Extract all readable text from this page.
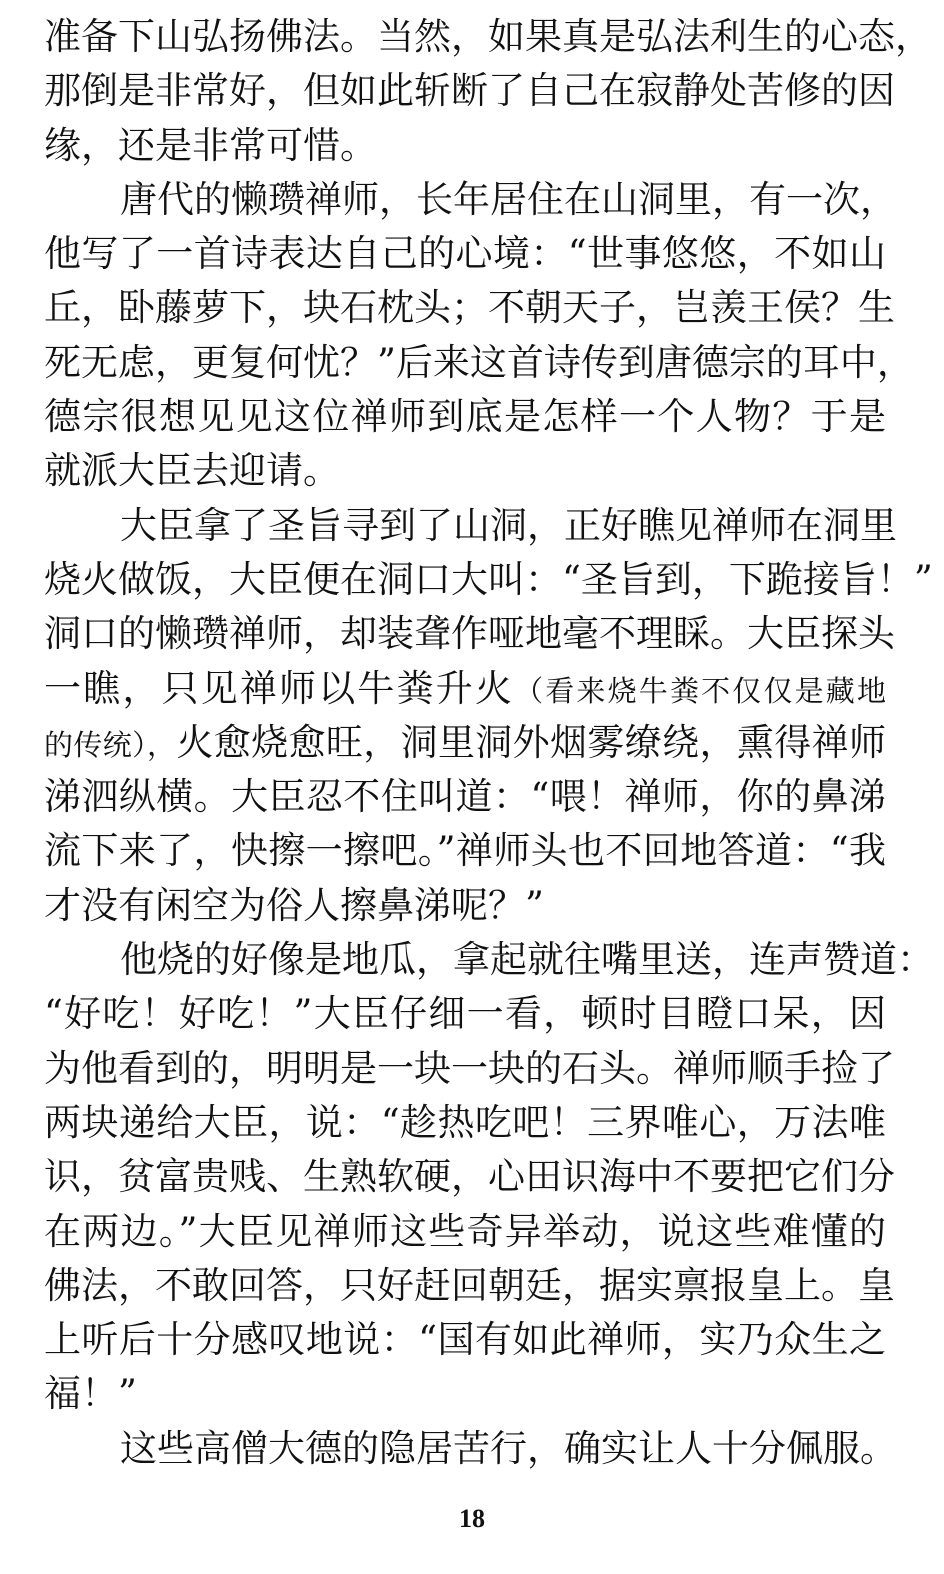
准备下山弘扬佛法。当然，如果真是弘法利生的心态，
那倒是非常好，但如此斩断了自己在寂静处苦修的因
缘，还是非常可惜。
唐代的懒瓒禅师，长年居住在山洞里，有一次，
他写了一首诗表达自己的心境：“世事悠悠，不如山
丘，卧藤萝下，块石枕头；不朝天子，岂羡王侯？生
死无虑，更复何忧？”后来这首诗传到唐德宗的耳中，
德宗很想见见这位禅师到底是怎样一个人物？于是
就派大臣去迎请。
大臣拿了圣旨寻到了山洞，正好瞧见禅师在洞里
烧火做饭，大臣便在洞口大叫：“圣旨到，下跪接旨！”
洞口的懒瓒禅师，却装聋作哑地毫不理睬。大臣探头
一瞧，只见禅师以牛粪升火（看来烧牛粪不仅仅是藏地
的传统），火愈烧愈旺，洞里洞外烟雾缭绕，熏得禅师
涕泗纵横。大臣忍不住叫道：“喂！禅师，你的鼻涕
流下来了，快擦一擦吧。”禅师头也不回地答道：“我
才没有闲空为俗人擦鼻涕呢？”
他烧的好像是地瓜，拿起就往嘴里送，连声赞道：
“好吃！好吃！”大臣仔细一看，顿时目瞪口呆，因
为他看到的，明明是一块一块的石头。禅师顺手捡了
两块递给大臣，说：“趁热吃吧！三界唯心，万法唯
识，贫富贵贱、生熟软硬，心田识海中不要把它们分
在两边。”大臣见禅师这些奇异举动，说这些难懂的
佛法，不敢回答，只好赶回朝廷，据实禀报皇上。皇
上听后十分感叹地说：“国有如此禅师，实乃众生之
福！”
这些高僧大德的隐居苦行，确实让人十分佩服。
18
